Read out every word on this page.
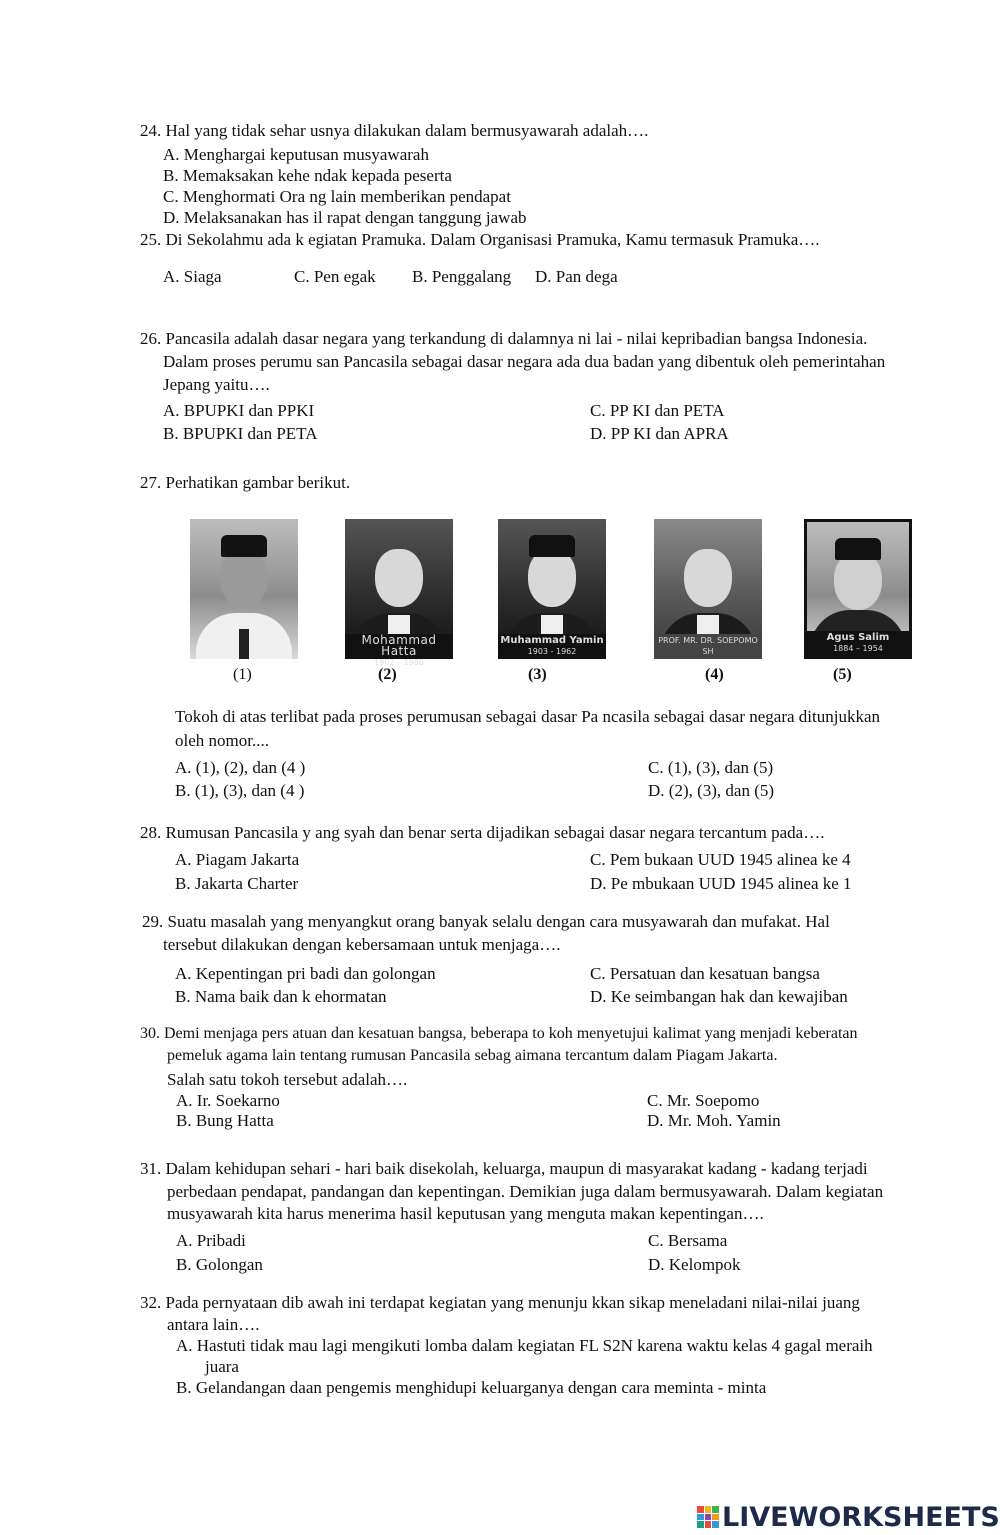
24. Hal yang tidak sehar usnya dilakukan dalam bermusyawarah adalah….
A. Menghargai keputusan musyawarah
B. Memaksakan kehe ndak kepada peserta
C. Menghormati Ora ng lain memberikan pendapat
D. Melaksanakan has il rapat dengan tanggung jawab
25. Di Sekolahmu ada k egiatan Pramuka. Dalam Organisasi Pramuka, Kamu termasuk Pramuka….
A. Siaga	C. Pen egak B. Penggalang D. Pan dega
26. Pancasila adalah dasar negara yang terkandung di dalamnya ni lai - nilai kepribadian bangsa Indonesia.
Dalam proses perumu san Pancasila sebagai dasar negara ada dua badan yang dibentuk oleh pemerintahan
Jepang yaitu….
A. BPUPKI dan PPKI
B. BPUPKI dan PETA
C. PP KI dan PETA
D. PP KI dan APRA
27. Perhatikan gambar berikut.
Mohammad Hatta
1902 – 1980
Muhammad Yamin
1903 - 1962
PROF. MR. DR. SOEPOMO SH
Agus Salim
1884 – 1954
(1)	(2)	(3)	(4)	(5)
Tokoh di atas terlibat pada proses perumusan sebagai dasar Pa ncasila sebagai dasar negara ditunjukkan
oleh nomor....
A. (1), (2), dan (4 )
B. (1), (3), dan (4 )
C. (1), (3), dan (5)
D. (2), (3), dan (5)
28. Rumusan Pancasila y ang syah dan benar serta dijadikan sebagai dasar negara tercantum pada….
A. Piagam Jakarta
B. Jakarta Charter
C. Pem bukaan UUD 1945 alinea ke 4
D. Pe mbukaan UUD 1945 alinea ke 1
29. Suatu masalah yang menyangkut orang banyak selalu dengan cara musyawarah dan mufakat. Hal
tersebut dilakukan dengan kebersamaan untuk menjaga….
A. Kepentingan pri badi dan golongan
B. Nama baik dan k ehormatan
C. Persatuan dan kesatuan bangsa
D. Ke seimbangan hak dan kewajiban
30. Demi menjaga pers atuan dan kesatuan bangsa, beberapa to koh menyetujui kalimat yang menjadi keberatan
pemeluk agama lain tentang rumusan Pancasila sebag aimana tercantum dalam Piagam Jakarta.
Salah satu tokoh tersebut adalah….
A. Ir. Soekarno
B. Bung Hatta
C. Mr. Soepomo
D. Mr. Moh. Yamin
31. Dalam kehidupan sehari - hari baik disekolah, keluarga, maupun di masyarakat kadang - kadang terjadi
perbedaan pendapat, pandangan dan kepentingan. Demikian juga dalam bermusyawarah. Dalam kegiatan
musyawarah kita harus menerima hasil keputusan yang menguta makan kepentingan….
A. Pribadi
B. Golongan
C. Bersama
D. Kelompok
32. Pada pernyataan dib awah ini terdapat kegiatan yang menunju kkan sikap meneladani nilai-nilai juang
antara lain….
A. Hastuti tidak mau lagi mengikuti lomba dalam kegiatan FL S2N karena waktu kelas 4 gagal meraih
juara
B. Gelandangan daan pengemis menghidupi keluarganya dengan cara meminta - minta
LIVEWORKSHEETS
